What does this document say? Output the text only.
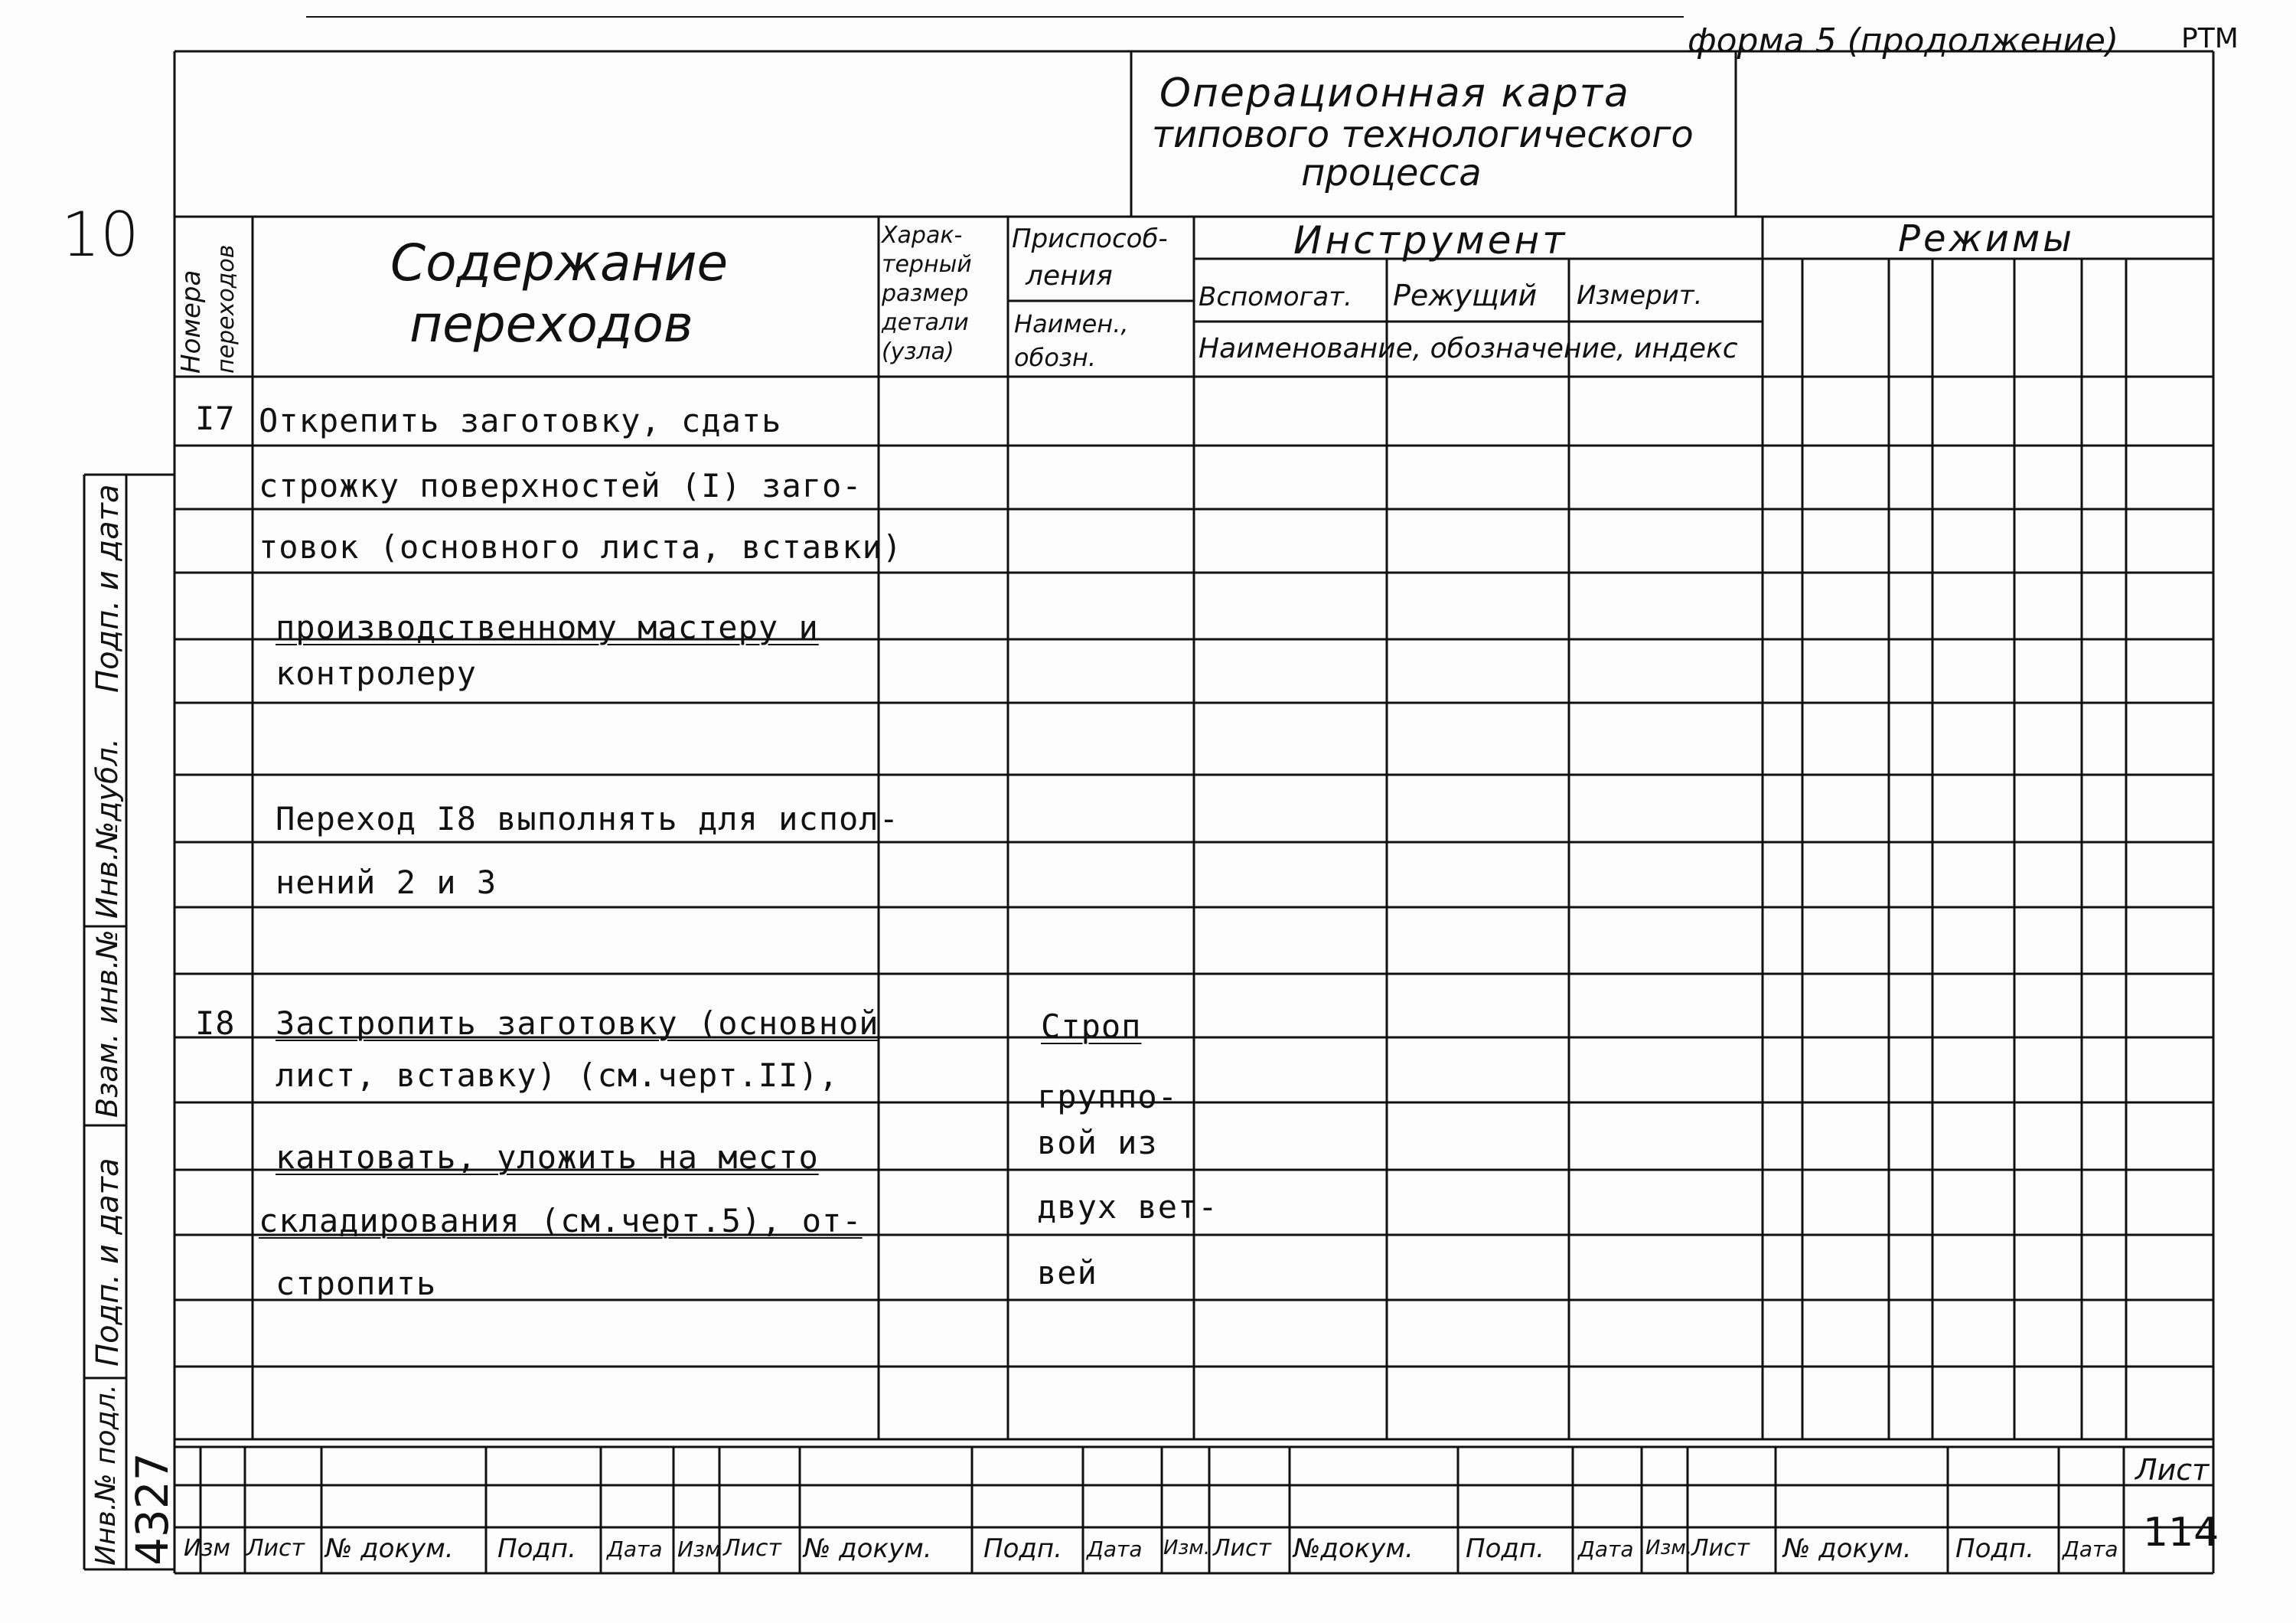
форма 5 (продолжение) РТМ
10
Операционная карта
типового технологического
процесса
Номера переходов	Содержание
переходов
Харак-
терный
размер
детали
(узла)
Приспособ-
ления
Наимен.,
обозн.
Инструмент
Вспомогат. Режущий Измерит.
Наименование, обозначение, индекс
Режимы
I7 Открепить заготовку, сдать
строжку поверхностей (I) заго-
товок (основного листа, вставки)
производственному мастеру и
контролеру
Переход I8 выполнять для испол-
нений 2 и 3
I8 Застропить заготовку (основной
лист, вставку) (см.черт.II),
кантовать, уложить на место
складирования (см.черт.5), от-
стропить
Строп
группо-
вой из
двух вет-
вей
Подп. и дата
Инв.№дубл.
Взам. инв.№
Подп. и дата
Инв.№ подл. 4327 Изм Лист № докум. Подп. Дата Изм Лист № докум. Подп. Дата Изм. Лист №докум. Подп. Дата Изм.
Лист № докум. Подп. Дата
Лист
114
